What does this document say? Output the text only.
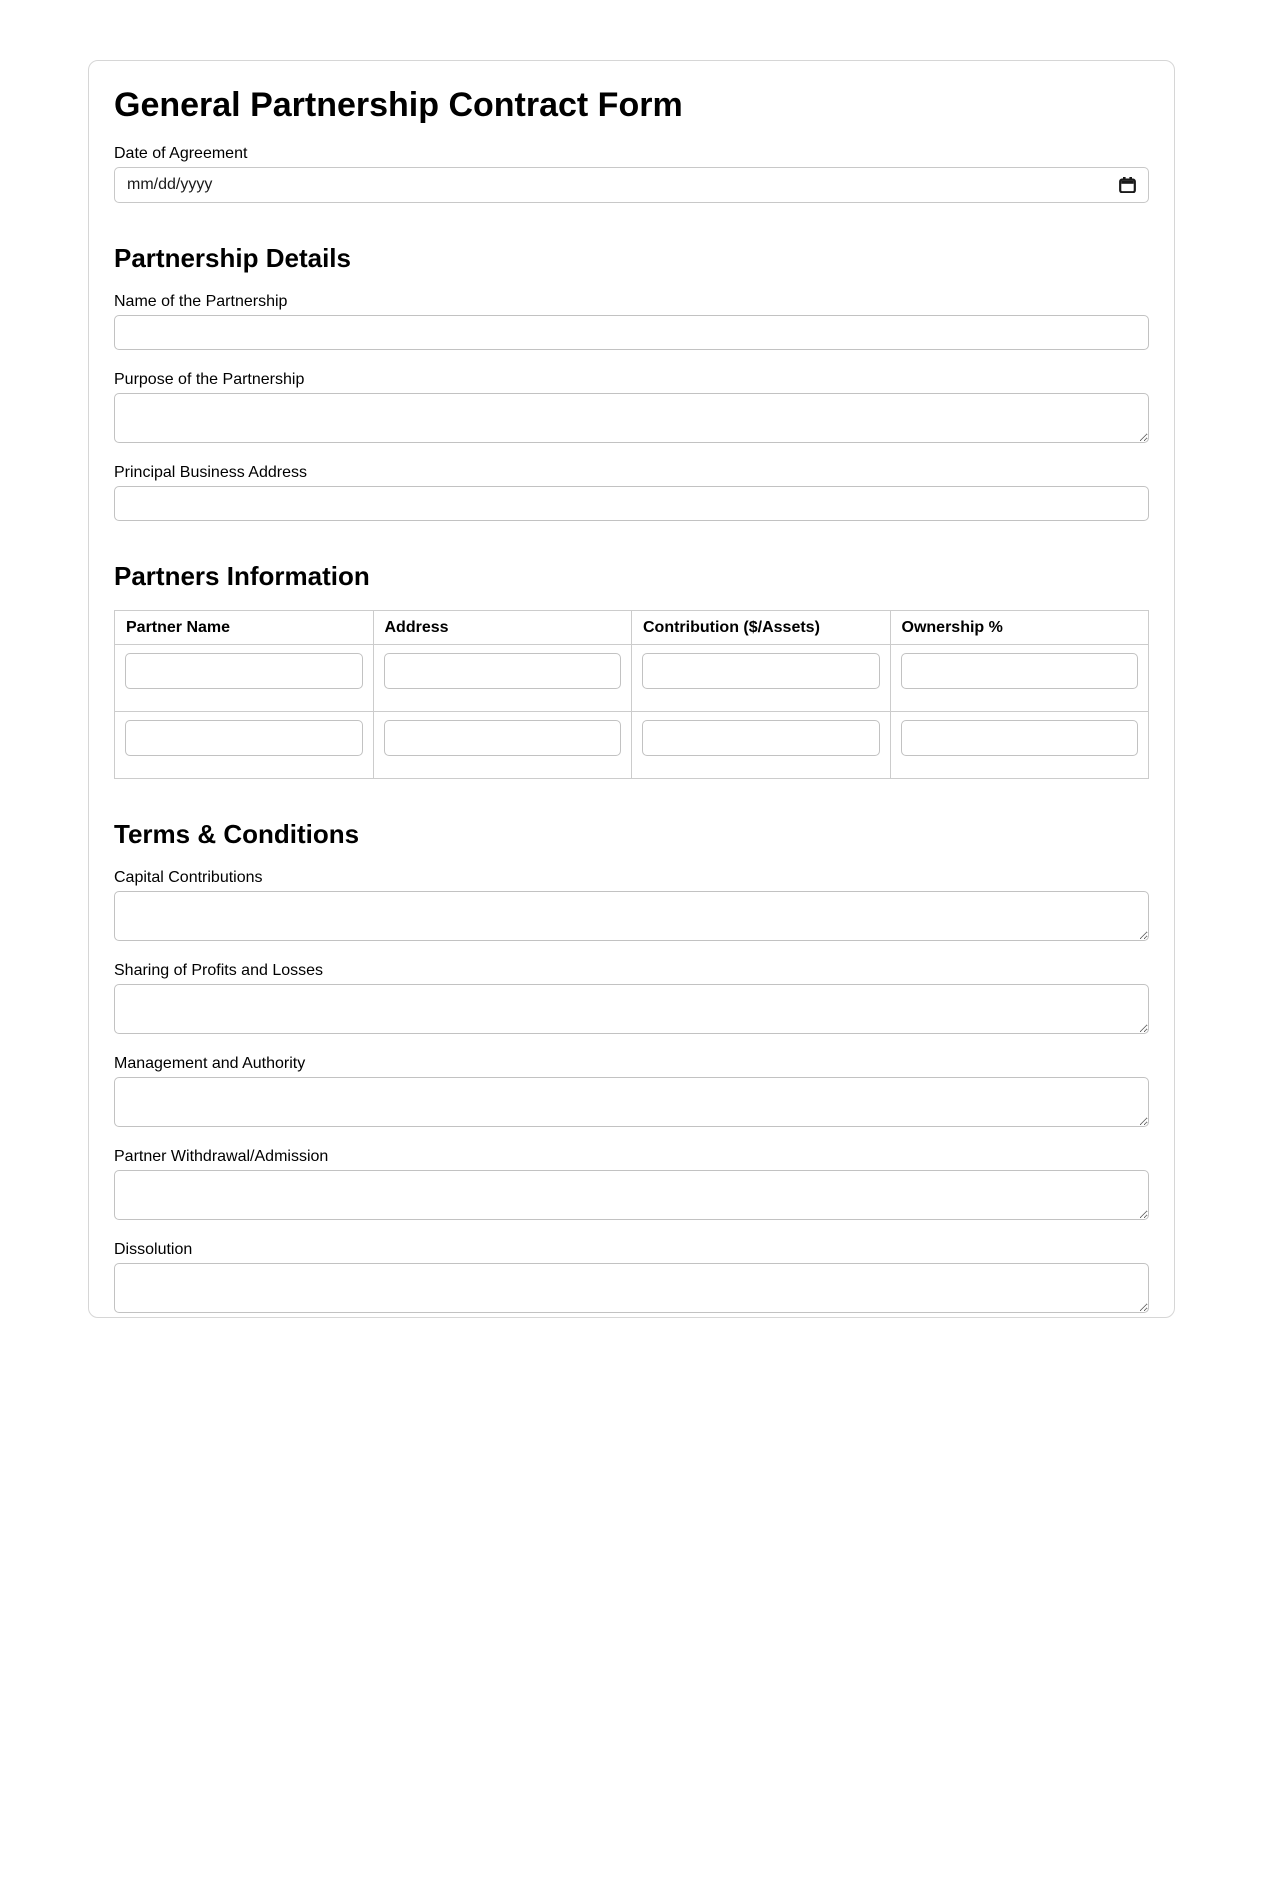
General Partnership Contract Form
Date of Agreement
mm/dd/yyyy
Partnership Details
Name of the Partnership
Purpose of the Partnership
Principal Business Address
Partners Information
Partner Name	Address	Contribution ($/Assets)	Ownership %

Terms & Conditions
Capital Contributions
Sharing of Profits and Losses
Management and Authority
Partner Withdrawal/Admission
Dissolution
